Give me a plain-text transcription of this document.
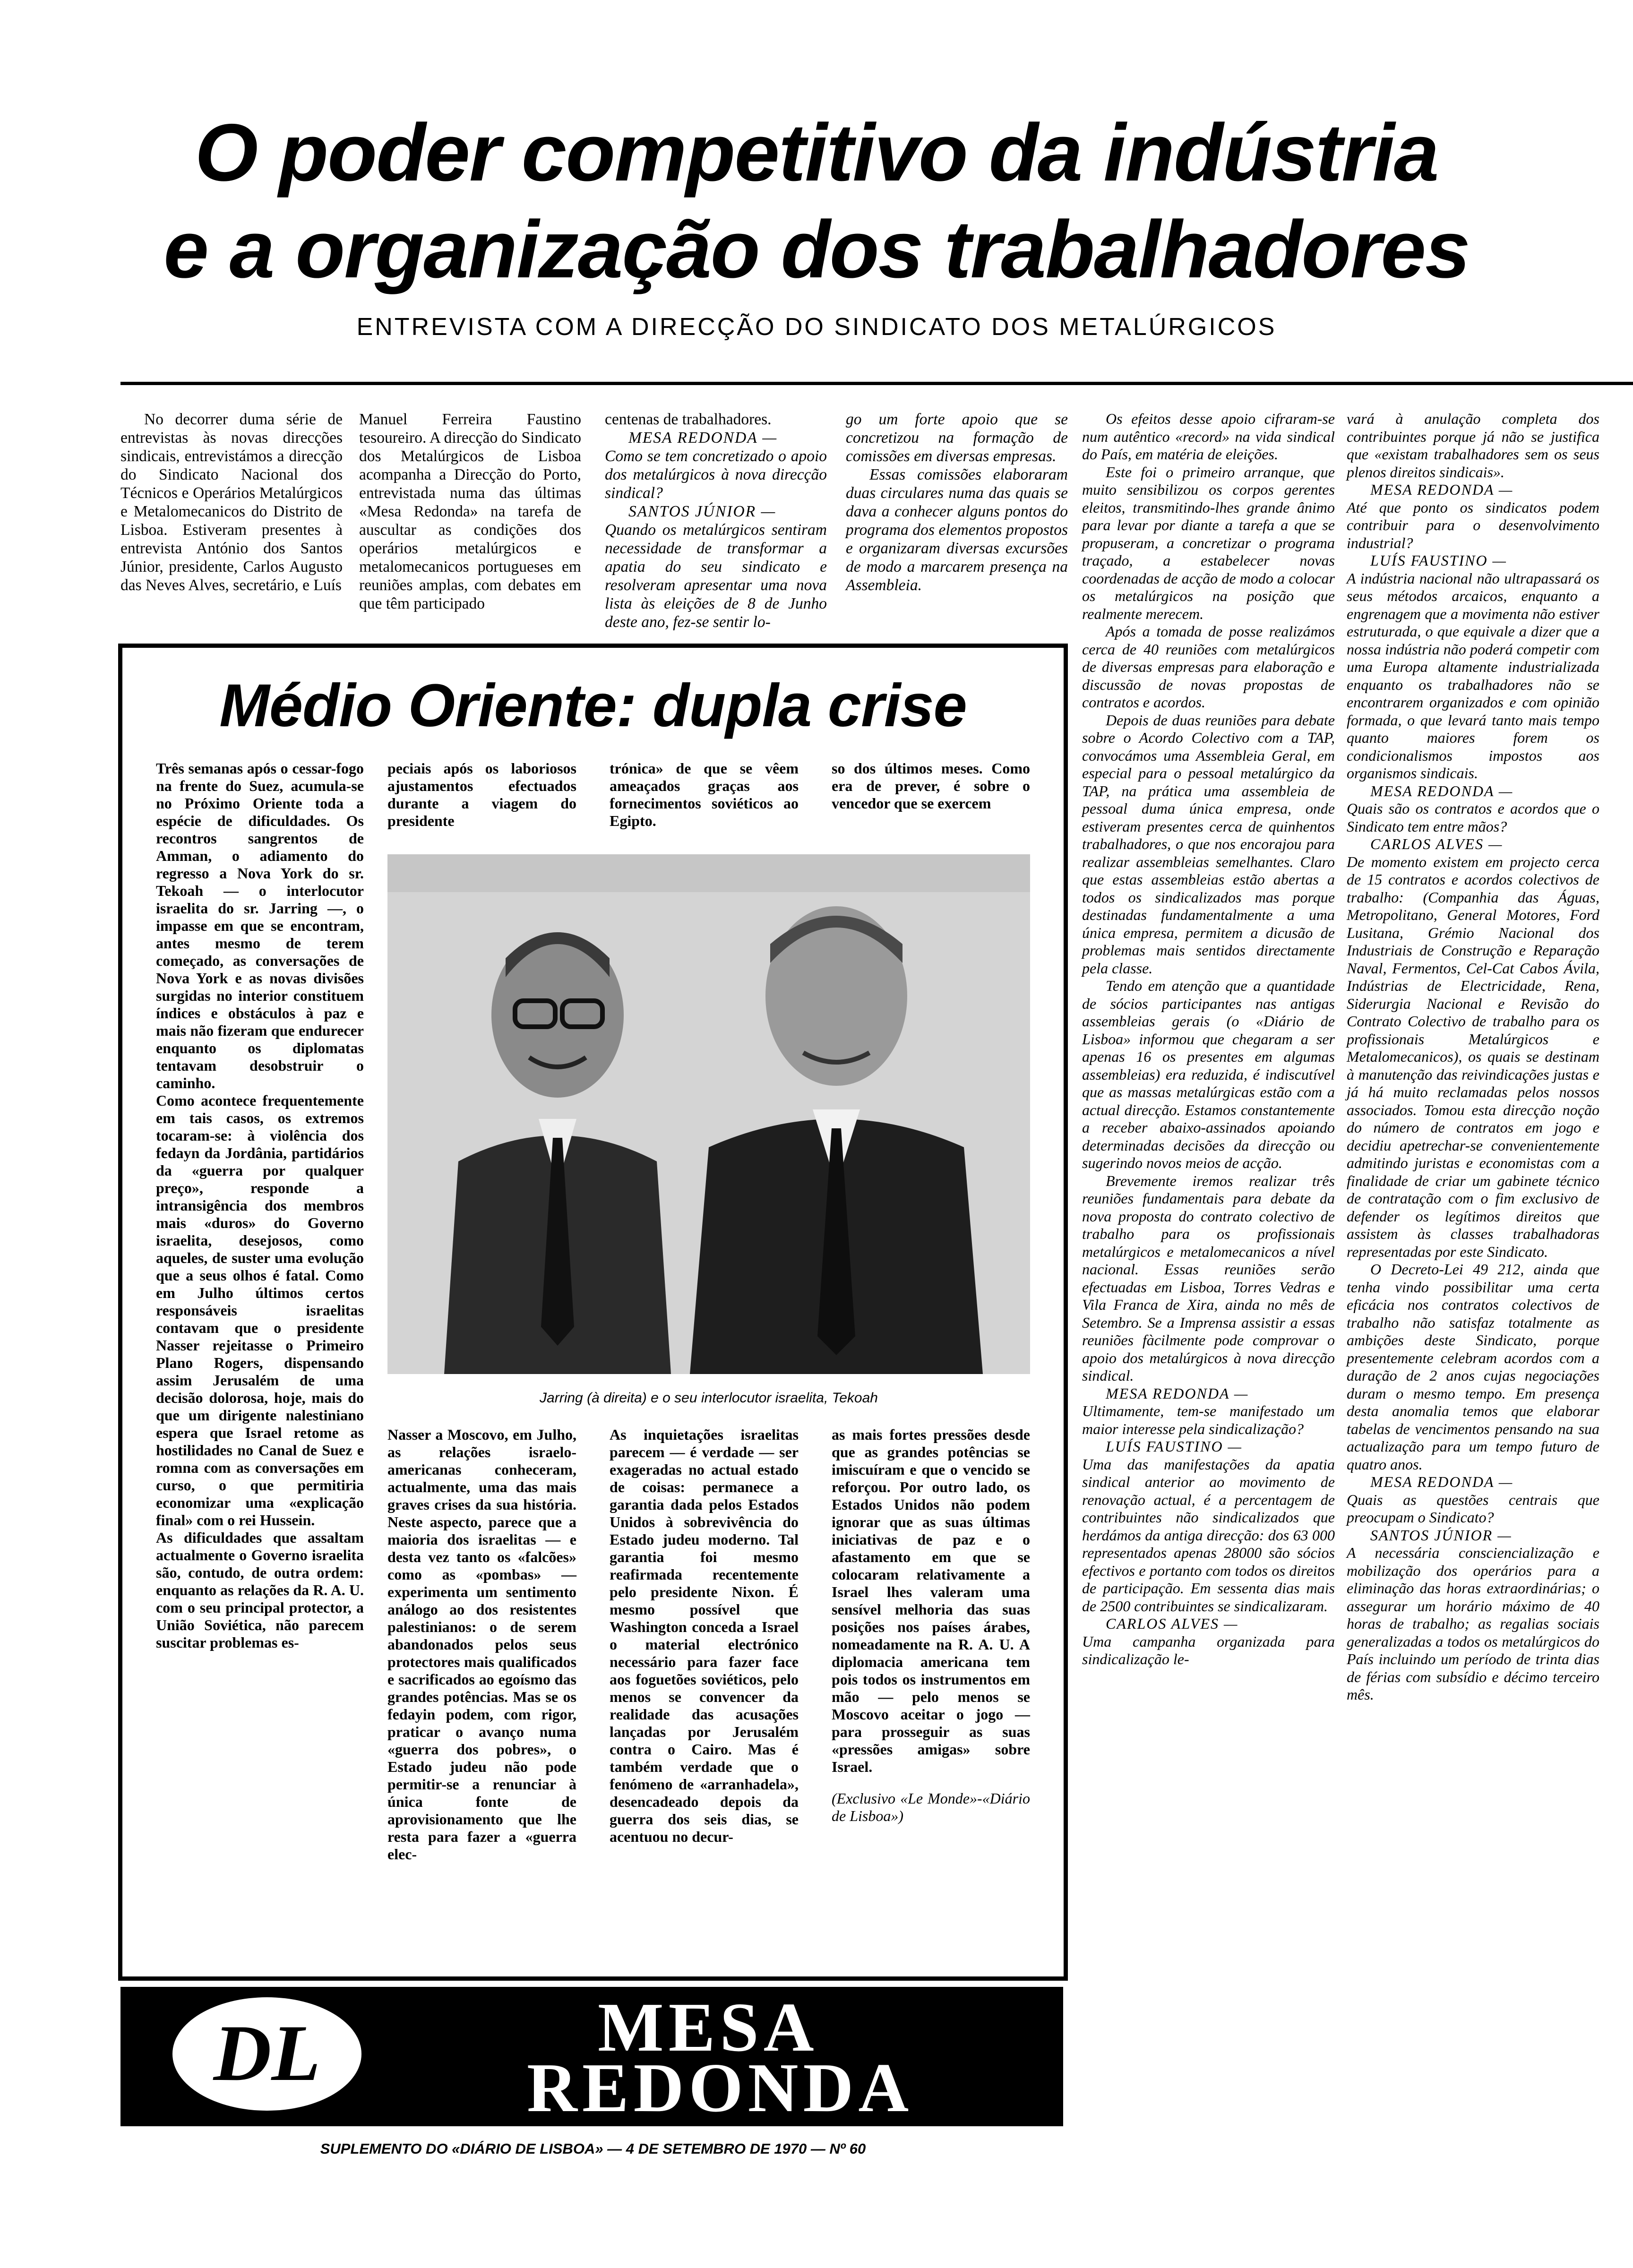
O poder competitivo da indústria
e a organização dos trabalhadores

ENTREVISTA COM A DIRECÇÃO DO SINDICATO DOS METALÚRGICOS

No decorrer duma série de entrevistas às novas direcções sindicais, entrevistámos a direcção do Sindicato Nacional dos Técnicos e Operários Metalúrgicos e Metalomecanicos do Distrito de Lisboa. Estiveram presentes à entrevista António dos Santos Júnior, presidente, Carlos Augusto das Neves Alves, secretário, e Luís

Manuel Ferreira Faustino tesoureiro. A direcção do Sindicato dos Metalúrgicos de Lisboa acompanha a Direcção do Porto, entrevistada numa das últimas «Mesa Redonda» na tarefa de auscultar as condições dos operários metalúrgicos e metalomecanicos portugueses em reuniões amplas, com debates em que têm participado

centenas de trabalhadores.

MESA REDONDA —

Como se tem concretizado o apoio dos metalúrgicos à nova direcção sindical?

SANTOS JÚNIOR —

Quando os metalúrgicos sentiram necessidade de transformar a apatia do seu sindicato e resolveram apresentar uma nova lista às eleições de 8 de Junho deste ano, fez-se sentir lo-

go um forte apoio que se concretizou na formação de comissões em diversas empresas.

Essas comissões elaboraram duas circulares numa das quais se dava a conhecer alguns pontos do programa dos elementos propostos e organizaram diversas excursões de modo a marcarem presença na Assembleia.

Os efeitos desse apoio cifraram-se num autêntico «record» na vida sindical do País, em matéria de eleições.

Este foi o primeiro arranque, que muito sensibilizou os corpos gerentes eleitos, transmitindo-lhes grande ânimo para levar por diante a tarefa a que se propuseram, a concretizar o programa traçado, a estabelecer novas coordenadas de acção de modo a colocar os metalúrgicos na posição que realmente merecem.

Após a tomada de posse realizámos cerca de 40 reuniões com metalúrgicos de diversas empresas para elaboração e discussão de novas propostas de contratos e acordos.

Depois de duas reuniões para debate sobre o Acordo Colectivo com a TAP, convocámos uma Assembleia Geral, em especial para o pessoal metalúrgico da TAP, na prática uma assembleia de pessoal duma única empresa, onde estiveram presentes cerca de quinhentos trabalhadores, o que nos encorajou para realizar assembleias semelhantes. Claro que estas assembleias estão abertas a todos os sindicalizados mas porque destinadas fundamentalmente a uma única empresa, permitem a dicusão de problemas mais sentidos directamente pela classe.

Tendo em atenção que a quantidade de sócios participantes nas antigas assembleias gerais (o «Diário de Lisboa» informou que chegaram a ser apenas 16 os presentes em algumas assembleias) era reduzida, é indiscutível que as massas metalúrgicas estão com a actual direcção. Estamos constantemente a receber abaixo-assinados apoiando determinadas decisões da direcção ou sugerindo novos meios de acção.

Brevemente iremos realizar três reuniões fundamentais para debate da nova proposta do contrato colectivo de trabalho para os profissionais metalúrgicos e metalomecanicos a nível nacional. Essas reuniões serão efectuadas em Lisboa, Torres Vedras e Vila Franca de Xira, ainda no mês de Setembro. Se a Imprensa assistir a essas reuniões fàcilmente pode comprovar o apoio dos metalúrgicos à nova direcção sindical.

MESA REDONDA —

Ultimamente, tem-se manifestado um maior interesse pela sindicalização?

LUÍS FAUSTINO —

Uma das manifestações da apatia sindical anterior ao movimento de renovação actual, é a percentagem de contribuintes não sindicalizados que herdámos da antiga direcção: dos 63 000 representados apenas 28000 são sócios efectivos e portanto com todos os direitos de participação. Em sessenta dias mais de 2500 contribuintes se sindicalizaram.

CARLOS ALVES —

Uma campanha organizada para sindicalização le-

vará à anulação completa dos contribuintes porque já não se justifica que «existam trabalhadores sem os seus plenos direitos sindicais».

MESA REDONDA —

Até que ponto os sindicatos podem contribuir para o desenvolvimento industrial?

LUÍS FAUSTINO —

A indústria nacional não ultrapassará os seus métodos arcaicos, enquanto a engrenagem que a movimenta não estiver estruturada, o que equivale a dizer que a nossa indústria não poderá competir com uma Europa altamente industrializada enquanto os trabalhadores não se encontrarem organizados e com opinião formada, o que levará tanto mais tempo quanto maiores forem os condicionalismos impostos aos organismos sindicais.

MESA REDONDA —

Quais são os contratos e acordos que o Sindicato tem entre mãos?

CARLOS ALVES —

De momento existem em projecto cerca de 15 contratos e acordos colectivos de trabalho: (Companhia das Águas, Metropolitano, General Motores, Ford Lusitana, Grémio Nacional dos Industriais de Construção e Reparação Naval, Fermentos, Cel-Cat Cabos Ávila, Indústrias de Electricidade, Rena, Siderurgia Nacional e Revisão do Contrato Colectivo de trabalho para os profissionais Metalúrgicos e Metalomecanicos), os quais se destinam à manutenção das reivindicações justas e já há muito reclamadas pelos nossos associados. Tomou esta direcção noção do número de contratos em jogo e decidiu apetrechar-se convenientemente admitindo juristas e economistas com a finalidade de criar um gabinete técnico de contratação com o fim exclusivo de defender os legítimos direitos que assistem às classes trabalhadoras representadas por este Sindicato.

O Decreto-Lei 49 212, ainda que tenha vindo possibilitar uma certa eficácia nos contratos colectivos de trabalho não satisfaz totalmente as ambições deste Sindicato, porque presentemente celebram acordos com a duração de 2 anos cujas negociações duram o mesmo tempo. Em presença desta anomalia temos que elaborar tabelas de vencimentos pensando na sua actualização para um tempo futuro de quatro anos.

MESA REDONDA —

Quais as questões centrais que preocupam o Sindicato?

SANTOS JÚNIOR —

A necessária consciencialização e mobilização dos operários para a eliminação das horas extraordinárias; o assegurar um horário máximo de 40 horas de trabalho; as regalias sociais generalizadas a todos os metalúrgicos do País incluindo um período de trinta dias de férias com subsídio e décimo terceiro mês.

Médio Oriente: dupla crise

Três semanas após o cessar-fogo na frente do Suez, acumula-se no Próximo Oriente toda a espécie de dificuldades. Os recontros sangrentos de Amman, o adiamento do regresso a Nova York do sr. Tekoah — o interlocutor israelita do sr. Jarring —, o impasse em que se encontram, antes mesmo de terem começado, as conversações de Nova York e as novas divisões surgidas no interior constituem índices e obstáculos à paz e mais não fizeram que endurecer enquanto os diplomatas tentavam desobstruir o caminho.

Como acontece frequentemente em tais casos, os extremos tocaram-se: à violência dos fedayn da Jordânia, partidários da «guerra por qualquer preço», responde a intransigência dos membros mais «duros» do Governo israelita, desejosos, como aqueles, de suster uma evolução que a seus olhos é fatal. Como em Julho últimos certos responsáveis israelitas contavam que o presidente Nasser rejeitasse o Primeiro Plano Rogers, dispensando assim Jerusalém de uma decisão dolorosa, hoje, mais do que um dirigente nalestiniano espera que Israel retome as hostilidades no Canal de Suez e romna com as conversações em curso, o que permitiria economizar uma «explicação final» com o rei Hussein.

As dificuldades que assaltam actualmente o Governo israelita são, contudo, de outra ordem: enquanto as relações da R. A. U. com o seu principal protector, a União Soviética, não parecem suscitar problemas es-

peciais após os laboriosos ajustamentos efectuados durante a viagem do presidente

trónica» de que se vêem ameaçados graças aos fornecimentos soviéticos ao Egipto.

so dos últimos meses. Como era de prever, é sobre o vencedor que se exercem

Jarring (à direita) e o seu interlocutor israelita, Tekoah

Nasser a Moscovo, em Julho, as relações israelo-americanas conheceram, actualmente, uma das mais graves crises da sua história. Neste aspecto, parece que a maioria dos israelitas — e desta vez tanto os «falcões» como as «pombas» — experimenta um sentimento análogo ao dos resistentes palestinianos: o de serem abandonados pelos seus protectores mais qualificados e sacrificados ao egoísmo das grandes potências. Mas se os fedayin podem, com rigor, praticar o avanço numa «guerra dos pobres», o Estado judeu não pode permitir-se a renunciar à única fonte de aprovisionamento que lhe resta para fazer a «guerra elec-

As inquietações israelitas parecem — é verdade — ser exageradas no actual estado de coisas: permanece a garantia dada pelos Estados Unidos à sobrevivência do Estado judeu moderno. Tal garantia foi mesmo reafirmada recentemente pelo presidente Nixon. É mesmo possível que Washington conceda a Israel o material electrónico necessário para fazer face aos foguetões soviéticos, pelo menos se convencer da realidade das acusações lançadas por Jerusalém contra o Cairo. Mas é também verdade que o fenómeno de «arranhadela», desencadeado depois da guerra dos seis dias, se acentuou no decur-

as mais fortes pressões desde que as grandes potências se imiscuíram e que o vencido se reforçou. Por outro lado, os Estados Unidos não podem ignorar que as suas últimas iniciativas de paz e o afastamento em que se colocaram relativamente a Israel lhes valeram uma sensível melhoria das suas posições nos países árabes, nomeadamente na R. A. U. A diplomacia americana tem pois todos os instrumentos em mão — pelo menos se Moscovo aceitar o jogo — para prosseguir as suas «pressões amigas» sobre Israel.

(Exclusivo «Le Monde»-«Diário de Lisboa»)

DL	MESA

REDONDA

SUPLEMENTO DO «DIÁRIO DE LISBOA» — 4 DE SETEMBRO DE 1970 — Nº 60
